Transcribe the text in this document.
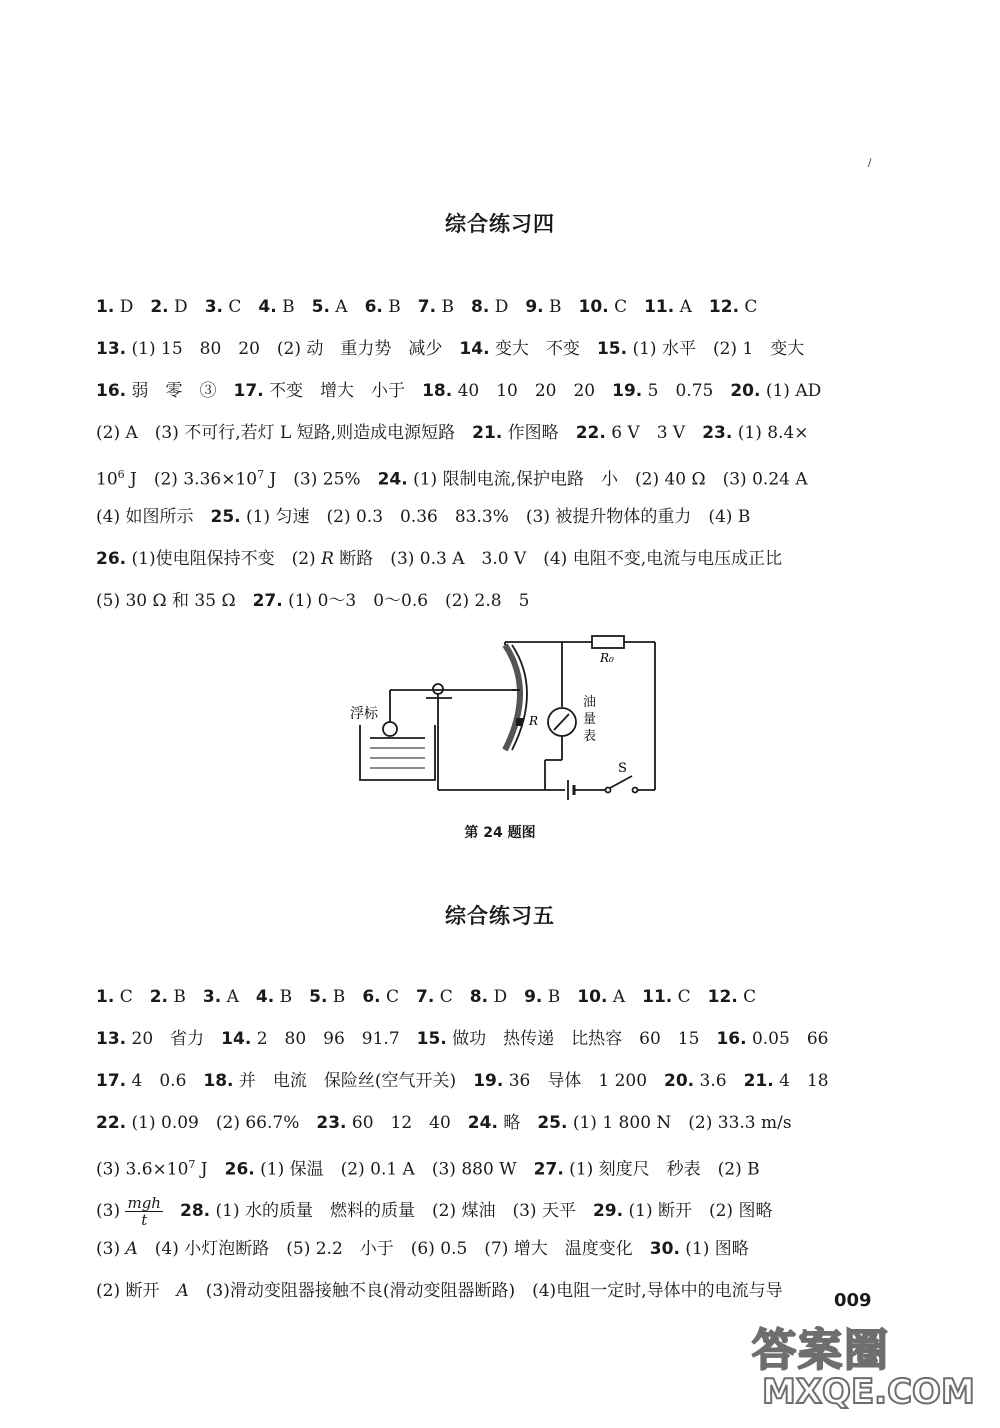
/
综合练习四
1. D　2. D　3. C　4. B　5. A　6. B　7. B　8. D　9. B　10. C　11. A　12. C
13. (1) 15　80　20　(2) 动　重力势　减少　14. 变大　不变　15. (1) 水平　(2) 1　变大
16. 弱　零　③　17. 不变　增大　小于　18. 40　10　20　20　19. 5　0.75　20. (1) AD
(2) A　(3) 不可行,若灯 L 短路,则造成电源短路　21. 作图略　22. 6 V　3 V　23. (1) 8.4×
$10^6$ J　(2) $3.36\times 10^7$ J　(3) 25%　24. (1) 限制电流,保护电路　小　(2) 40 Ω　(3) 0.24 A
(4) 如图所示　25. (1) 匀速　(2) 0.3　0.36　83.3%　(3) 被提升物体的重力　(4) B
26. (1)使电阻保持不变　(2) R 断路　(3) 0.3 A　3.0 V　(4) 电阻不变,电流与电压成正比
(5) 30 Ω 和 35 Ω　27. (1) 0～3　0～0.6　(2) 2.8　5
浮标
R₀
R
油
量
表
S
第 24 题图
综合练习五
1. C　2. B　3. A　4. B　5. B　6. C　7. C　8. D　9. B　10. A　11. C　12. C
13. 20　省力　14. 2　80　96　91.7　15. 做功　热传递　比热容　60　15　16. 0.05　66
17. 4　0.6　18. 并　电流　保险丝(空气开关)　19. 36　导体　1 200　20. 3.6　21. 4　18
22. (1) 0.09　(2) 66.7%　23. 60　12　40　24. 略　25. (1) 1 800 N　(2) 33.3 m/s
(3) $3.6\times 10^7$ J　26. (1) 保温　(2) 0.1 A　(3) 880 W　27. (1) 刻度尺　秒表　(2) B
$(3) \frac{\text{mgh}}{t}$
　 28. (1) 水的质量　燃料的质量　(2) 煤油　(3) 天平　29. (1) 断开　(2) 图略
(3) A　(4) 小灯泡断路　(5) 2.2　小于　(6) 0.5　(7) 增大　温度变化　30. (1) 图略
(2) 断开　A　(3)滑动变阻器接触不良(滑动变阻器断路)　(4)电阻一定时,导体中的电流与导	009
答案圈
MXQE.COM
